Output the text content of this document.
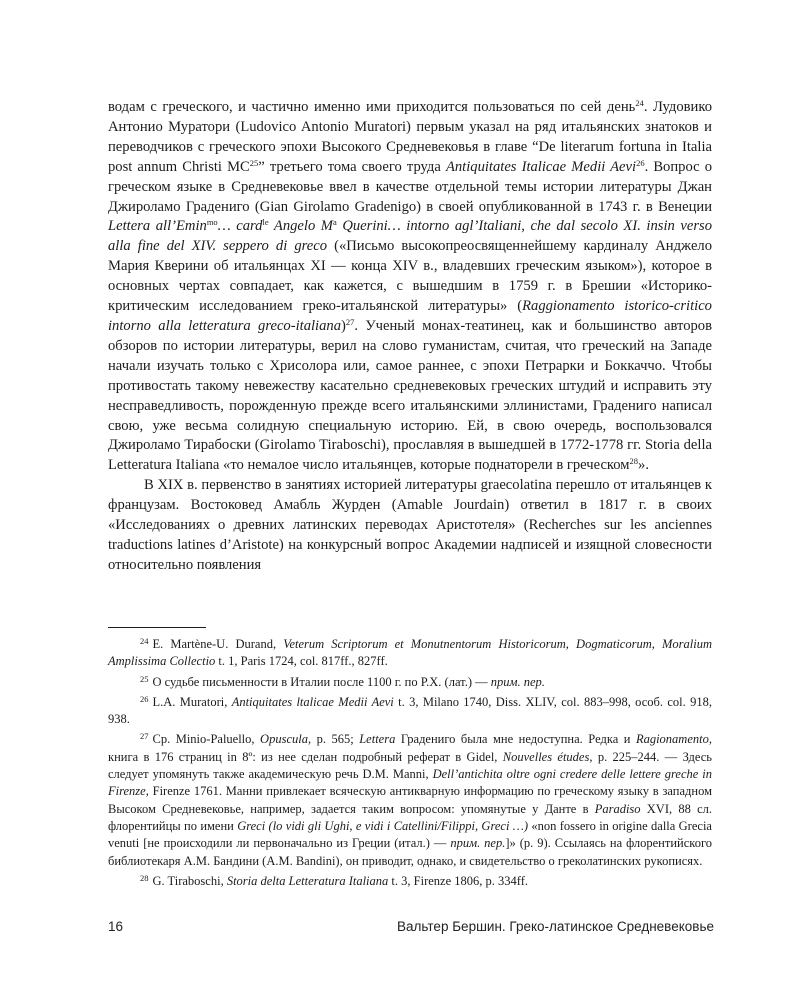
водам с греческого, и частично именно ими приходится пользоваться по сей день$^{24}$. Лудовико Антонио Муратори (Ludovico Antonio Muratori) первым указал на ряд итальянских знатоков и переводчиков с греческого эпохи Высокого Средневековья в главе “De literarum fortuna in Italia post annum Christi MC$^{25}$” третьего тома своего труда Antiquitates Italicae Medii Aevi$^{26}$. Вопрос о греческом языке в Средневековье ввел в качестве отдельной темы истории литературы Джан Джироламо Градениго (Gian Girolamo Gradenigo) в своей опубликованной в 1743 г. в Венеции Lettera all’Emin$^{mo}$… card$^{le}$ Angelo $M^a$ Querini… intorno agl’Italiani, che dal secolo XI. insin verso alla fine del XIV. seppero di greco («Письмо высокопреосвященнейшему кардиналу Анджело Мария Кверини об итальянцах XI — конца XIV в., владевших греческим языком»), которое в основных чертах совпадает, как кажется, с вышедшим в 1759 г. в Брешии «Историко-критическим исследованием греко-итальянской литературы» (Raggionamento istorico-critico intorno alla letteratura greco-italiana)$^{27}$. Ученый монах-театинец, как и большинство авторов обзоров по истории литературы, верил на слово гуманистам, считая, что греческий на Западе начали изучать только с Хрисолора или, самое раннее, с эпохи Петрарки и Боккаччо. Чтобы противостать такому невежеству касательно средневековых греческих штудий и исправить эту несправедливость, порожденную прежде всего итальянскими эллинистами, Градениго написал свою, уже весьма солидную специальную историю. Ей, в свою очередь, воспользовался Джироламо Тирабоски (Girolamo Tiraboschi), прославляя в вышедшей в 1772-1778 гг. Storia della Letteratura Italiana «то немалое число итальянцев, которые поднаторели в греческом$^{28}$».

В XIX в. первенство в занятиях историей литературы graecolatina перешло от итальянцев к французам. Востоковед Амабль Журден (Amable Jourdain) ответил в 1817 г. в своих «Исследованиях о древних латинских переводах Аристотеля» (Recherches sur les anciennes traductions latines d’Aristote) на конкурсный вопрос Академии надписей и изящной словесности относительно появления

$^{24}$ E. Martène-U. Durand, Veterum Scriptorum et Monutnentorum Historicorum, Dogmaticorum, Moralium Amplissima Collectio t. 1, Paris 1724, col. 817ff., 827ff.

$^{25}$ О судьбе письменности в Италии после 1100 г. по Р.Х. (лат.) — прим. пер.

$^{26}$ L.A. Muratori, Antiquitates ltalicae Medii Aevi t. 3, Milano 1740, Diss. XLIV, col. 883–998, особ. col. 918, 938.

$^{27}$ Cp. Minio-Paluello, Opuscula, p. 565; Lettera Градениго была мне недоступна. Редка и Ragionamento, книга в 176 страниц in 8º: из нее сделан подробный реферат в Gidel, Nouvelles études, p. 225–244. — Здесь следует упомянуть также академическую речь D.M. Manni, Dell’antichita oltre ogni credere delle lettere greche in Firenze, Firenze 1761. Манни привлекает всяческую антикварную информацию по греческому языку в западном Высоком Средневековье, например, задается таким вопросом: упомянутые у Данте в Paradiso XVI, 88 сл. флорентийцы по имени Greci (lo vidi gli Ughi, e vidi i Catellini/Filippi, Greci …) «non fossero in origine dalla Grecia venuti [не происходили ли первоначально из Греции (итал.) — прим. пер.]» (p. 9). Ссылаясь на флорентийского библиотекаря А.М. Бандини (A.M. Bandini), он приводит, однако, и свидетельство о греколатинских рукописях.

$^{28}$ G. Tiraboschi, Storia delta Letteratura Italiana t. 3, Firenze 1806, p. 334ff.

16	Вальтер Бершин. Греко-латинское Средневековье
